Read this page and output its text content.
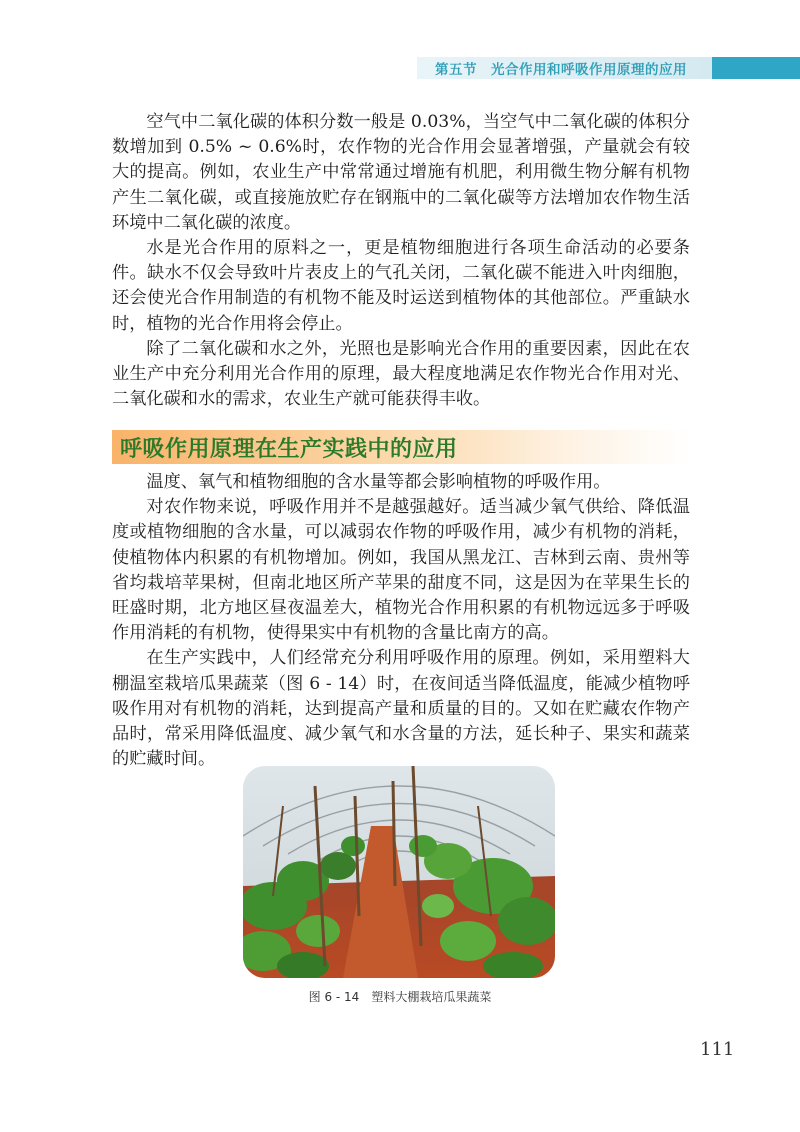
第五节 光合作用和呼吸作用原理的应用

空气中二氧化碳的体积分数一般是 0.03%，当空气中二氧化碳的体积分数增加到 0.5% ~ 0.6%时，农作物的光合作用会显著增强，产量就会有较大的提高。例如，农业生产中常常通过增施有机肥，利用微生物分解有机物产生二氧化碳，或直接施放贮存在钢瓶中的二氧化碳等方法增加农作物生活环境中二氧化碳的浓度。

水是光合作用的原料之一，更是植物细胞进行各项生命活动的必要条件。缺水不仅会导致叶片表皮上的气孔关闭，二氧化碳不能进入叶肉细胞，还会使光合作用制造的有机物不能及时运送到植物体的其他部位。严重缺水时，植物的光合作用将会停止。

除了二氧化碳和水之外，光照也是影响光合作用的重要因素，因此在农业生产中充分利用光合作用的原理，最大程度地满足农作物光合作用对光、二氧化碳和水的需求，农业生产就可能获得丰收。

呼吸作用原理在生产实践中的应用

温度、氧气和植物细胞的含水量等都会影响植物的呼吸作用。

对农作物来说，呼吸作用并不是越强越好。适当减少氧气供给、降低温度或植物细胞的含水量，可以减弱农作物的呼吸作用，减少有机物的消耗，使植物体内积累的有机物增加。例如，我国从黑龙江、吉林到云南、贵州等省均栽培苹果树，但南北地区所产苹果的甜度不同，这是因为在苹果生长的旺盛时期，北方地区昼夜温差大，植物光合作用积累的有机物远远多于呼吸作用消耗的有机物，使得果实中有机物的含量比南方的高。

在生产实践中，人们经常充分利用呼吸作用的原理。例如，采用塑料大棚温室栽培瓜果蔬菜（图 6 - 14）时，在夜间适当降低温度，能减少植物呼吸作用对有机物的消耗，达到提高产量和质量的目的。又如在贮藏农作物产品时，常采用降低温度、减少氧气和水含量的方法，延长种子、果实和蔬菜的贮藏时间。

图 6 - 14 塑料大棚栽培瓜果蔬菜
111
